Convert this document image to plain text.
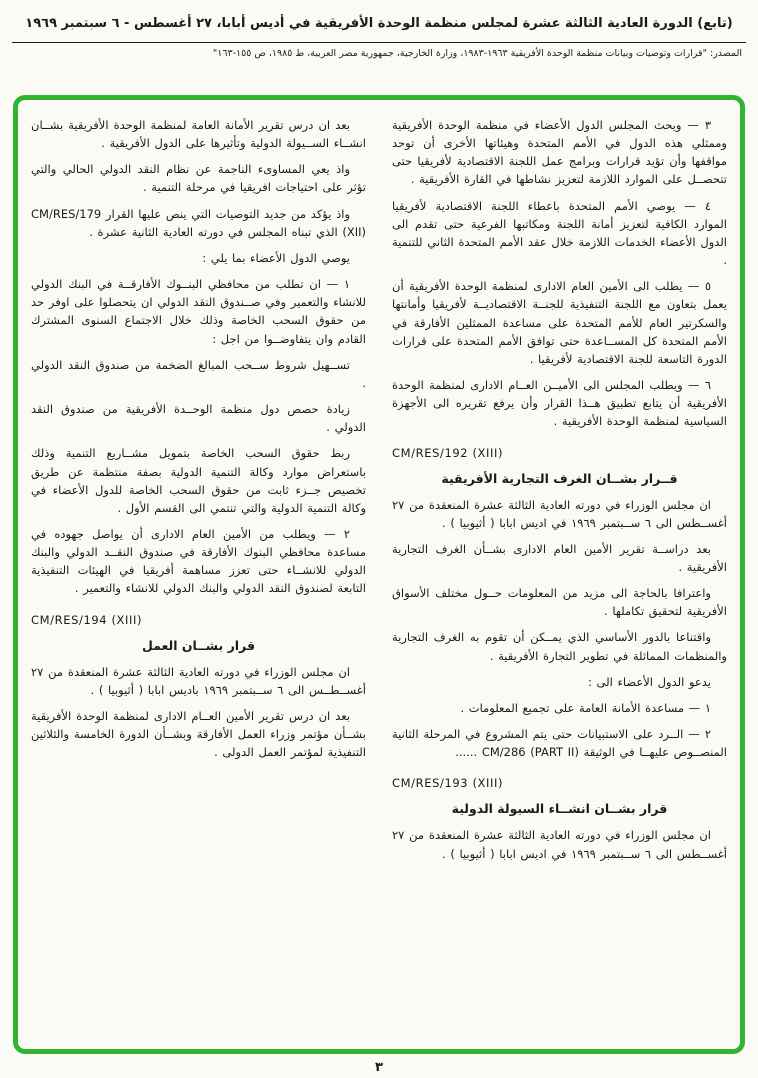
(تابع) الدورة العادية الثالثة عشرة لمجلس منظمة الوحدة الأفريقية في أديس أبابا، ٢٧ أغسطس - ٦ سبتمبر ١٩٦٩
المصدر: "قرارات وتوصيات وبيانات منظمة الوحدة الأفريقية ١٩٦٣-١٩٨٣، وزارة الخارجية، جمهورية مصر العربية، ط ١٩٨٥، ص ١٥٥-١٦٣"

٣ — ويحث المجلس الدول الأعضاء في منظمة الوحدة الأفريقية وممثلي هذه الدول في الأمم المتحدة وهيئاتها الأخرى أن توحد مواقفها وأن تؤيد قرارات وبرامج عمل اللجنة الاقتصادية لأفريقيا حتى تتحصــل على الموارد اللازمة لتعزيز نشاطها في القارة الأفريقية .

٤ — يوصي الأمم المتحدة باعطاء اللجنة الاقتصادية لأفريقيا الموارد الكافية لتعزيز أمانة اللجنة ومكاتبها الفرعية حتى تقدم الى الدول الأعضاء الخدمات اللازمة خلال عقد الأمم المتحدة الثاني للتنمية .

٥ — يطلب الى الأمين العام الادارى لمنظمة الوحدة الأفريقية أن يعمل بتعاون مع اللجنة التنفيذية للجنــة الاقتصاديــة لأفريقيا وأمانتها والسكرتير العام للأمم المتحدة على مساعدة الممثلين الأفارقة في الأمم المتحدة كل المســاعدة حتى توافق الأمم المتحدة على قرارات الدورة التاسعة للجنة الاقتصادية لأفريقيا .

٦ — ويطلب المجلس الى الأميــن العــام الادارى لمنظمة الوحدة الأفريقية أن يتابع تطبيق هــذا القرار وأن يرفع تقريره الى الأجهزة السياسية لمنظمة الوحدة الأفريقية .

CM/RES/192 (XIII)
قــرار بشــان الغرف التجارية الأفريقية

ان مجلس الوزراء في دورته العادية الثالثة عشرة المنعقدة من ٢٧ أغســطس الى ٦ ســبتمبر ١٩٦٩ في اديس ابابا ( أثيوبيا ) .

بعد دراســة تقرير الأمين العام الادارى بشــأن الغرف التجارية الأفريقية .

واعترافا بالحاجة الى مزيد من المعلومات حــول مختلف الأسواق الأفريقية لتحقيق تكاملها .

واقتناعا بالدور الأساسي الذي يمــكن أن تقوم به الغرف التجارية والمنظمات المماثلة في تطوير التجارة الأفريقية .

يدعو الدول الأعضاء الى :

١ — مساعدة الأمانة العامة على تجميع المعلومات .

٢ — الــرد على الاستبيانات حتى يتم المشروع في المرحلة الثانية المنصــوص عليهــا في الوثيقة CM/286 (PART II) ......

CM/RES/193 (XIII)
قرار بشــان انشــاء السيولة الدولية

ان مجلس الوزراء في دورته العادية الثالثة عشرة المنعقدة من ٢٧ أغســطس الى ٦ ســبتمبر ١٩٦٩ في اديس ابابا ( أثيوبيا ) .

بعد ان درس تقرير الأمانة العامة لمنظمة الوحدة الأفريقية بشــان انشــاء الســيولة الدولية وتأثيرها على الدول الأفريقية .

واذ يعي المساوىء الناجمة عن نظام النقد الدولي الحالي والتي تؤثر على احتياجات افريقيا في مرحلة التنمية .

واذ يؤكد من جديد التوصيات التي ينص عليها القرار CM/RES/179 (XII) الذي تبناه المجلس في دورته العادية الثانية عشرة .

يوصي الدول الأعضاء بما يلي :

١ — ان تطلب من محافظي البنــوك الأفارقــة في البنك الدولي للانشاء والتعمير وفي صــندوق النقد الدولي ان يتحصلوا على اوفر حد من حقوق السحب الخاصة وذلك خلال الاجتماع السنوى المشترك القادم وان يتفاوضــوا من اجل :

تســهيل شروط ســحب المبالغ الضخمة من صندوق النقد الدولي .

زيادة حصص دول منظمة الوحــدة الأفريقية من صندوق النقد الدولي .

ربط حقوق السحب الخاصة بتمويل مشــاريع التنمية وذلك باستعراض موارد وكالة التنمية الدولية بصفة منتظمة عن طريق تخصيص جــزء ثابت من حقوق السحب الخاصة للدول الأعضاء في وكالة التنمية الدولية والتي تنتمي الى القسم الأول .

٢ — ويطلب من الأمين العام الادارى أن يواصل جهوده في مساعدة محافظي البنوك الأفارقة في صندوق النقــد الدولي والبنك الدولي للانشــاء حتى تعزز مساهمة أفريقيا في الهيئات التنفيذية التابعة لصندوق النقد الدولي والبنك الدولي للانشاء والتعمير .

CM/RES/194 (XIII)
قرار بشــان العمل

ان مجلس الوزراء في دورته العادية الثالثة عشرة المنعقدة من ٢٧ أغســطــس الى ٦ ســبتمبر ١٩٦٩ باديس ابابا ( أثيوبيا ) .

بعد ان درس تقرير الأمين العــام الادارى لمنظمة الوحدة الأفريقية بشــأن مؤتمر وزراء العمل الأفارقة وبشــأن الدورة الخامسة والثلاثين التنفيذية لمؤتمر العمل الدولى .

٣
